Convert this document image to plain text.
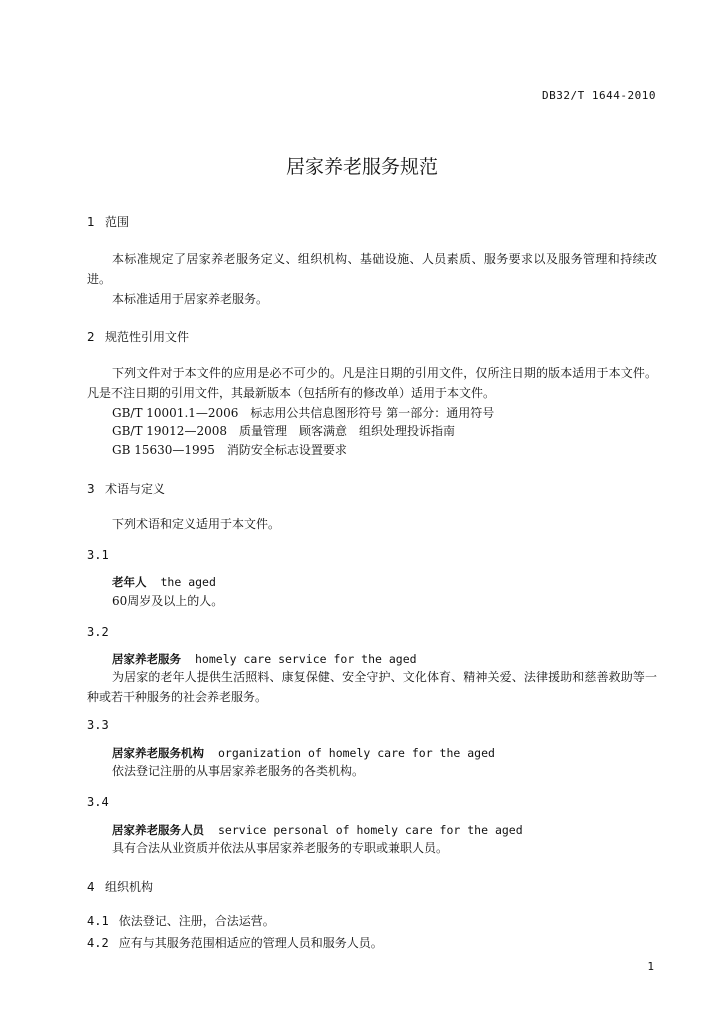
DB32/T 1644-2010
居家养老服务规范
1 范围
本标准规定了居家养老服务定义、组织机构、基础设施、人员素质、服务要求以及服务管理和持续改进。
本标准适用于居家养老服务。
2 规范性引用文件
下列文件对于本文件的应用是必不可少的。凡是注日期的引用文件，仅所注日期的版本适用于本文件。凡是不注日期的引用文件，其最新版本（包括所有的修改单）适用于本文件。
GB/T 10001.1—2006　标志用公共信息图形符号 第一部分：通用符号
GB/T 19012—2008　质量管理　顾客满意　组织处理投诉指南
GB 15630—1995　消防安全标志设置要求
3 术语与定义
下列术语和定义适用于本文件。
3.1
老年人 the aged
60周岁及以上的人。
3.2
居家养老服务 homely care service for the aged
为居家的老年人提供生活照料、康复保健、安全守护、文化体育、精神关爱、法律援助和慈善救助等一种或若干种服务的社会养老服务。
3.3
居家养老服务机构 organization of homely care for the aged
依法登记注册的从事居家养老服务的各类机构。
3.4
居家养老服务人员 service personal of homely care for the aged
具有合法从业资质并依法从事居家养老服务的专职或兼职人员。
4 组织机构
4.1 依法登记、注册，合法运营。
4.2 应有与其服务范围相适应的管理人员和服务人员。
1
